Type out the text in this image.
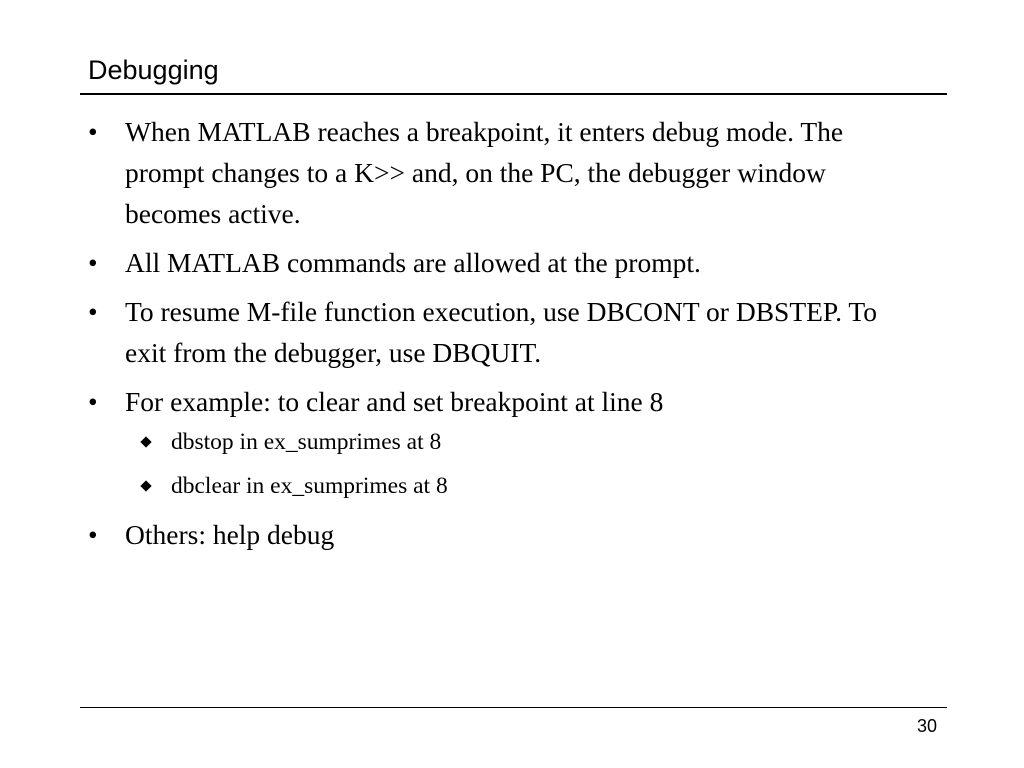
Debugging
• When MATLAB reaches a breakpoint, it enters debug mode. The prompt changes to a K>> and, on the PC, the debugger window becomes active.
• All MATLAB commands are allowed at the prompt.
• To resume M-file function execution, use DBCONT or DBSTEP. To exit from the debugger, use DBQUIT.
• For example: to clear and set breakpoint at line 8
dbstop in ex_sumprimes at 8
dbclear in ex_sumprimes at 8
• Others: help debug
30
